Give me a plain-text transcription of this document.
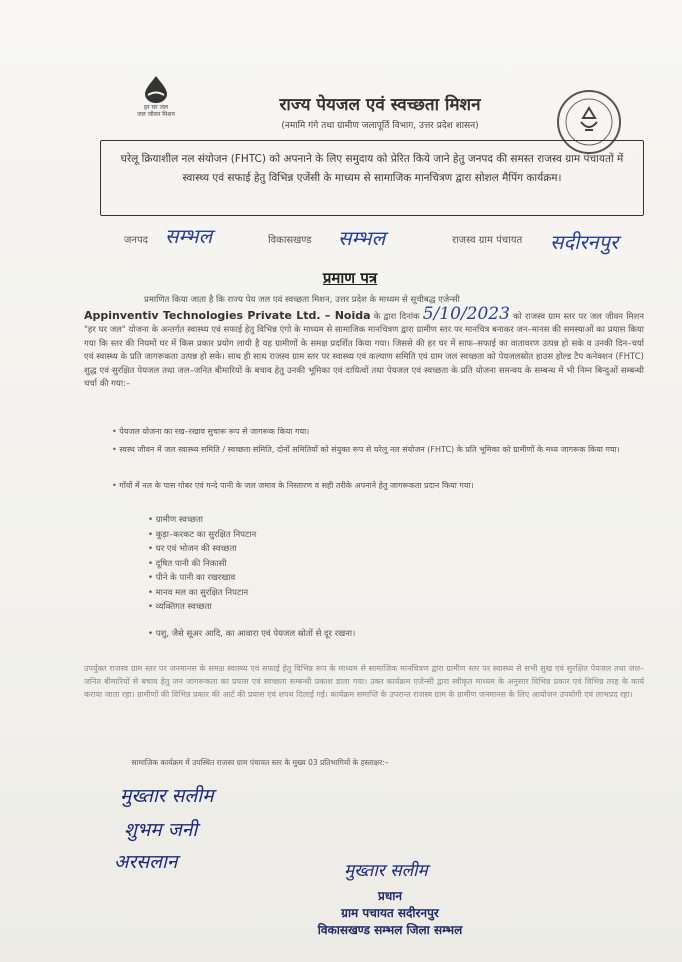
हर घर जल
जल जीवन मिशन	राज्य पेयजल एवं स्वच्छता मिशन
(नमामि गंगे तथा ग्रामीण जलापूर्ति विभाग, उत्तर प्रदेश शासन)
घरेलू क्रियाशील नल संयोजन (FHTC) को अपनाने के लिए समुदाय को प्रेरित किये जाने हेतु जनपद की समस्त राजस्व ग्राम पंचायतों में स्वास्थ्य एवं सफाई हेतु विभिन्न एजेंसी के माध्यम से सामाजिक मानचित्रण द्वारा सोशल मैपिंग कार्यक्रम।
जनपद सम्भल	विकासखण्ड सम्भल	राजस्व ग्राम पंचायत सदीरनपुर
प्रमाण पत्र
प्रमाणित किया जाता है कि राज्य पेय जल एवं स्वच्छता मिशन, उत्तर प्रदेश के माध्यम से सूचीबद्ध एजेन्सी
Appinventiv Technologies Private Ltd. – Noida के द्वारा दिनांक 5/10/2023 को राजस्व ग्राम स्तर पर जल जीवन मिशन "हर घर जल" योजना के अन्तर्गत स्वास्थ्य एवं सफाई हेतु विभिन्न एंगो के माध्यम से सामाजिक मानचित्रण द्वारा ग्रामीण स्तर पर मानचित्र बनाकर जन–मानस की समस्याओं का प्रयास किया गया कि स्तर की नियमों घर में किस प्रकार प्रयोग लायी है यह ग्रामीणों के समक्ष प्रदर्शित किया गया। जिससे की हर घर में साफ–सफाई का वातावरण उत्पन्न हो सके व उनकी दिन–चर्या एवं स्वास्थ्य के प्रति जागरूकता उत्पन्न हो सके। साथ ही साथ राजस्व ग्राम स्तर पर स्वास्थ्य एवं कल्याण समिति एवं ग्राम जल स्वच्छता को पेयजलस्रोत हाउस होल्ड टैप कनेक्शन (FHTC) शुद्ध एवं सुरक्षित पेयजल तथा जल–जनित बीमारियों के बचाव हेतु उनकी भूमिका एवं दायित्वों तथा पेयजल एवं स्वच्छता के प्रति योजना समन्वय के सम्बन्ध में भी निम्न बिन्दुओं सम्बन्धी चर्चा की गया:–
• पेयजल योजना का रख–रखाव सुचारू रूप से जागरूक किया गया।
• स्वस्थ जीवन में जल स्वास्थ्य समिति / स्वच्छता समिति, दोनों समितियों को संयुक्त रूप से घरेलू नल संयोजन (FHTC) के प्रति भूमिका को ग्रामीणों के मध्य जागरूक किया गया।
• गाँवों में नल के पास गोबर एवं गन्दे पानी के जल जमाव के निस्तारण व सही तरीके अपनाने हेतु जागरूकता प्रदान किया गया।
• ग्रामीण स्वच्छता
• कूड़ा–करकट का सुरक्षित निपटान
• घर एवं भोजन की स्वच्छता
• दूषित पानी की निकासी
• पीने के पानी का रखरखाव
• मानव मल का सुरक्षित निपटान
• व्यक्तिगत स्वच्छता
• पशु, जैसे सूअर आदि, का आवारा एवं पेयजल स्रोतों से दूर रखना।
उपर्युक्त राजस्व ग्राम स्तर पर जनमानस के समक्ष स्वास्थ्य एवं सफाई हेतु विभिन्न रूप के माध्यम से सामाजिक मानचित्रण द्वारा ग्रामीण स्तर पर स्वास्थ्य से सभी सुख एवं सुरक्षित पेयजल तथा जल–जनित बीमारियों से बचाव हेतु जन जागरूकता का प्रयास एवं स्वच्छता सम्बन्धी प्रकाश डाला गया। उक्त कार्यक्रम एजेन्सी द्वारा स्वीकृत माध्यम के अनुसार विभिन्न प्रकार एवं विभिन्न तरह के कार्य कराया जाता रहा। ग्रामीणों की विभिन्न प्रकार की आर्ट की प्रयास एवं शपथ दिलाई गई। कार्यक्रम समाप्ति के उपरान्त राजस्व ग्राम के ग्रामीण जनमानस के लिए आयोजन उपयोगी एवं लाभप्रद रहा।
सामाजिक कार्यक्रम में उपस्थित राजस्व ग्राम पंचायत स्तर के मुख्य 03 प्रतिभागियों के हस्ताक्षर:–
मुख्तार सलीम
शुभम जनी
अरसलान	मुख्तार सलीम
प्रधान
ग्राम पचायत सदीरनपुर
विकासखण्ड सम्भल जिला सम्भल
